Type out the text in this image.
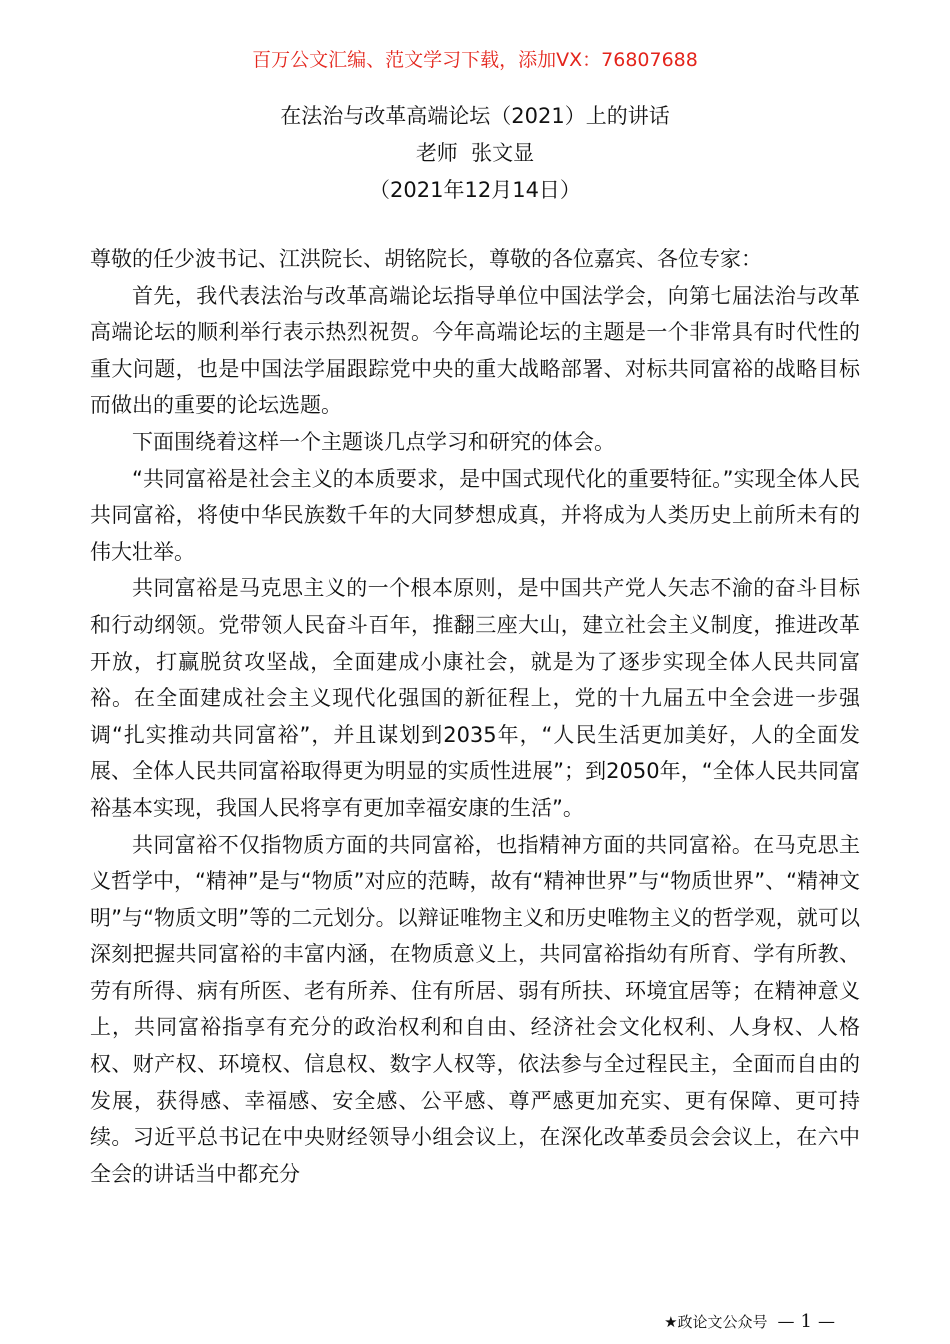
百万公文汇编、范文学习下载，添加VX：76807688
在法治与改革高端论坛（2021）上的讲话
老师  张文显
（2021年12月14日）

尊敬的任少波书记、江洪院长、胡铭院长，尊敬的各位嘉宾、各位专家：

首先，我代表法治与改革高端论坛指导单位中国法学会，向第七届法治与改革高端论坛的顺利举行表示热烈祝贺。今年高端论坛的主题是一个非常具有时代性的重大问题，也是中国法学届跟踪党中央的重大战略部署、对标共同富裕的战略目标而做出的重要的论坛选题。

下面围绕着这样一个主题谈几点学习和研究的体会。

“共同富裕是社会主义的本质要求，是中国式现代化的重要特征。”实现全体人民共同富裕，将使中华民族数千年的大同梦想成真，并将成为人类历史上前所未有的伟大壮举。

共同富裕是马克思主义的一个根本原则，是中国共产党人矢志不渝的奋斗目标和行动纲领。党带领人民奋斗百年，推翻三座大山，建立社会主义制度，推进改革开放，打赢脱贫攻坚战，全面建成小康社会，就是为了逐步实现全体人民共同富裕。在全面建成社会主义现代化强国的新征程上，党的十九届五中全会进一步强调“扎实推动共同富裕”，并且谋划到2035年，“人民生活更加美好，人的全面发展、全体人民共同富裕取得更为明显的实质性进展”；到2050年，“全体人民共同富裕基本实现，我国人民将享有更加幸福安康的生活”。

共同富裕不仅指物质方面的共同富裕，也指精神方面的共同富裕。在马克思主义哲学中，“精神”是与“物质”对应的范畴，故有“精神世界”与“物质世界”、“精神文明”与“物质文明”等的二元划分。以辩证唯物主义和历史唯物主义的哲学观，就可以深刻把握共同富裕的丰富内涵，在物质意义上，共同富裕指幼有所育、学有所教、劳有所得、病有所医、老有所养、住有所居、弱有所扶、环境宜居等；在精神意义上，共同富裕指享有充分的政治权利和自由、经济社会文化权利、人身权、人格权、财产权、环境权、信息权、数字人权等，依法参与全过程民主，全面而自由的发展，获得感、幸福感、安全感、公平感、尊严感更加充实、更有保障、更可持续。习近平总书记在中央财经领导小组会议上，在深化改革委员会会议上，在六中全会的讲话当中都充分

★政论文公众号 — 1 —
